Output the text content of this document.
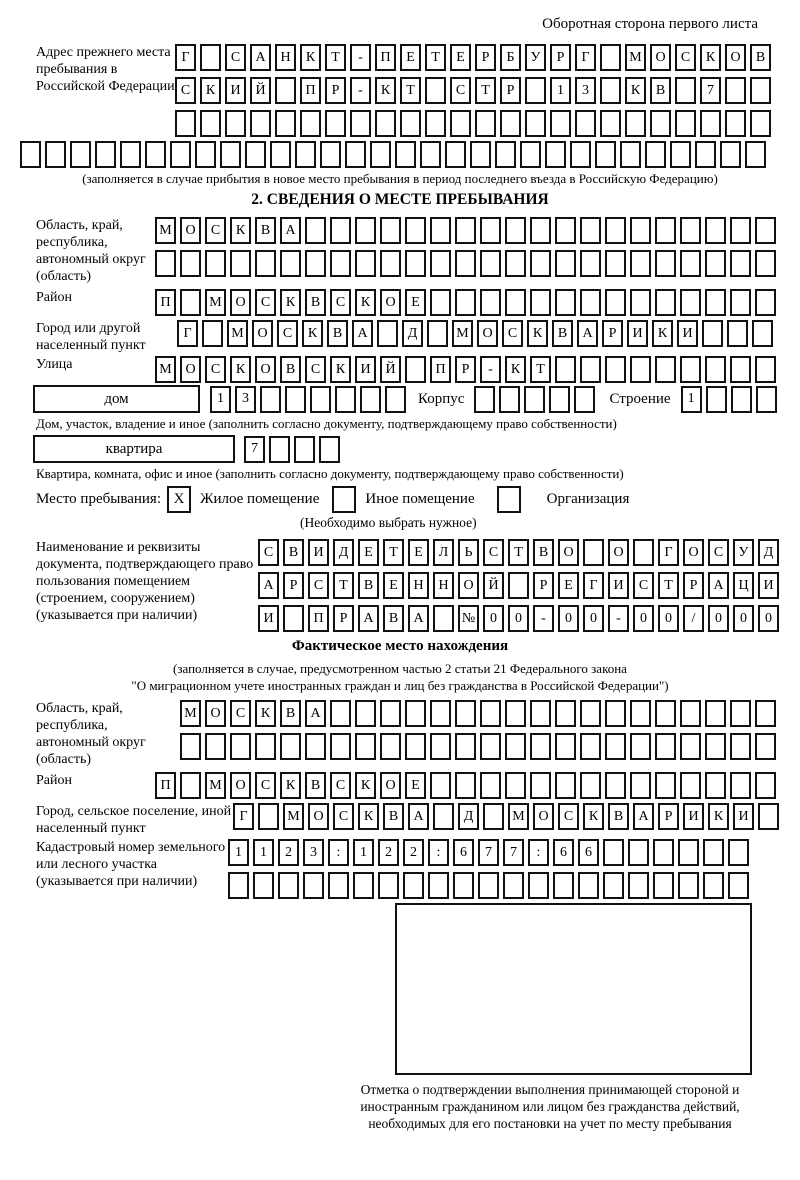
Оборотная сторона первого листа
Адрес прежнего места пребывания в Российской Федерации
Г	С	А	Н	К	Т	-	П	Е	Т	Е	Р	Б	У	Р	Г	М О	С	К	О	В
С	К	И	Й	П	Р	-	К	Т	С	Т	Р	1	3	К	В	7
(заполняется в случае прибытия в новое место пребывания в период последнего въезда в Российскую Федерацию)
2. СВЕДЕНИЯ О МЕСТЕ ПРЕБЫВАНИЯ
Область, край, республика, автономный округ (область)
М О	С	К	В	А
Район	П	М О	С	К	В	С	К	О	Е
Город или другой населенный пункт
Г	М О	С	К	В	А	Д	М О	С	К	В	А	Р	И	К	И
Улица	М О	С	К	О	В	С	К	И	Й	П	Р	-	К	Т
дом	1	3	Корпус	Строение	1
Дом, участок, владение и иное (заполнить согласно документу, подтверждающему право собственности)
квартира	7
Квартира, комната, офис и иное (заполнить согласно документу, подтверждающему право собственности)
Место пребывания: X	Жилое помещение	Иное помещение	Организация
(Необходимо выбрать нужное)
Наименование и реквизиты документа, подтверждающего право пользования помещением (строением, сооружением) (указывается при наличии)
С	В	И	Д	Е	Т	Е	Л	Ь	С	Т	В	О	О	Г	О	С	У	Д
А	Р	С	Т	В	Е	Н	Н	О	Й	Р	Е	Г	И	С	Т	Р	А	Ц	И
И	П	Р	А	В	А	№	0	0	-	0	0	-	0	0	/	0	0	0
Фактическое место нахождения
(заполняется в случае, предусмотренном частью 2 статьи 21 Федерального закона
"О миграционном учете иностранных граждан и лиц без гражданства в Российской Федерации")
Область, край, республика, автономный округ (область)
М О	С	К	В	А
Район	П	М О	С	К	В	С	К	О	Е
Город, сельское поселение, иной населенный пункт
Г	М О	С	К	В	А	Д	М О	С	К	В	А	Р	И	К	И
Кадастровый номер земельного или лесного участка (указывается при наличии)
1	1	2	3	:	1	2	2	:	6	7	7	:	6	6
Отметка о подтверждении выполнения принимающей стороной и иностранным гражданином или лицом без гражданства действий, необходимых для его постановки на учет по месту пребывания
